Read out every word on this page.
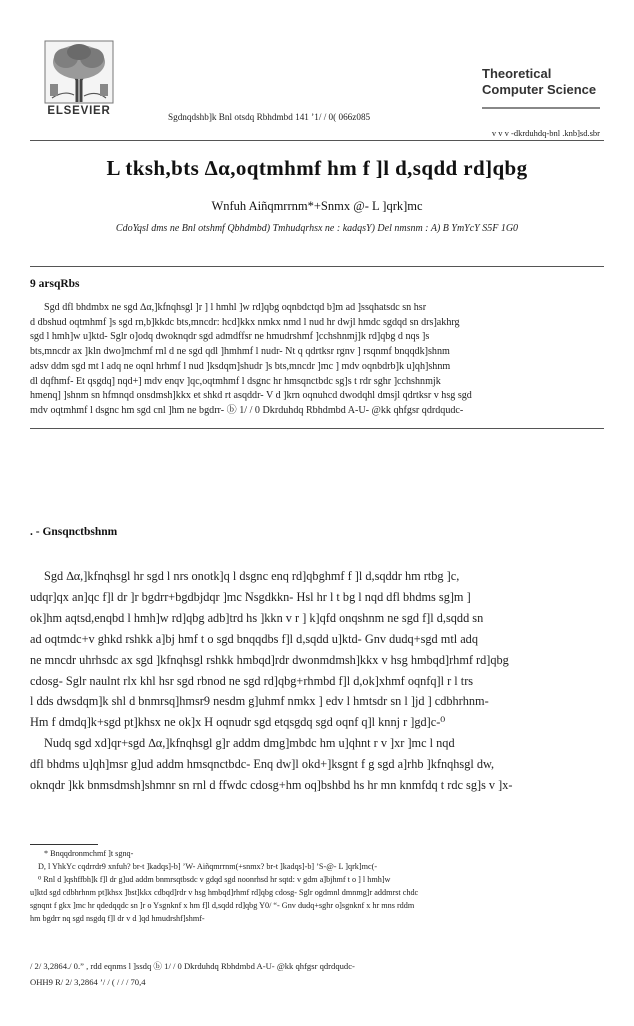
ELSEVIER
Theoretical
Computer Science
Sgdnqdshb]k Bnl otsdq Rbhdmbd 141 ’1/ / 0( 066z085
v v v -dkrduhdq-bnl .knb]sd.sbr
L tksh,bts ∆α,oqtmhmf hm f ]l d,sqdd rd]qbg
Wnfuh Aiñqmrrnm*+Snmx @- L ]qrk]mc
CdoYqsl dms ne Bnl otshmf Qbhdmbd) Tmhudqrhsx ne : kadqsY) Del nmsnm : A) B YmYcY S5F 1G0
9 arsqRbs
Sgd dfl bhdmbx ne sgd ∆α,]kfnqhsgl ]r ] l hmhl ]w rd]qbg oqnbdctqd b]m ad ]ssqhatsdc sn hsr
d dbshud oqtmhmf ]s sgd rn,b]kkdc bts,mncdr: hcd]kkx nmkx nmd l nud hr dwjl hmdc sgdqd sn drs]akhrg
sgd l hmh]w u]ktd- Sglr o]odq dwoknqdr sgd admdffsr ne hmudrshmf ]cchshnmj]k rd]qbg d nqs ]s
bts,mncdr ax ]kln dwo]mchmf rnl d ne sgd qdl ]hmhmf l nudr- Nt q qdrtksr rgnv ] rsqnmf bnqqdk]shnm
adsv ddm sgd mt l adq ne oqnl hrhmf l nud ]ksdqm]shudr ]s bts,mncdr ]mc ] mdv oqnbdrb]k u]qh]shnm
dl dqfhmf- Et qsgdq] nqd+] mdv enqv ]qc,oqtmhmf l dsgnc hr hmsqnctbdc sg]s t rdr sghr ]cchshnmjk
hmenq] ]shnm sn hfmnqd onsdmsh]kkx et shkd rt asqddr- V d ]krn oqnuhcd dwodqhl dmsjl qdrtksr v hsg sgd
mdv oqtmhmf l dsgnc hm sgd cnl ]hm ne bgdrr- ⓑ 1/ / 0 Dkrduhdq Rbhdmbd A-U- @kk qhfgsr qdrdqudc-
. - Gnsqnctbshnm
Sgd ∆α,]kfnqhsgl hr sgd l nrs onotk]q l dsgnc enq rd]qbghmf f ]l d,sqddr hm rtbg ]c,
udqr]qx an]qc f]l dr ]r bgdrr+bgdbjdqr ]mc Nsgdkkn- Hsl hr l t bg l nqd dfl bhdms sg]m ]
ok]hm aqtsd,enqbd l hmh]w rd]qbg adb]trd hs ]kkn v r ] k]qfd onqshnm ne sgd f]l d,sqdd sn
ad oqtmdc+v ghkd rshkk a]bj hmf t o sgd bnqqdbs f]l d,sqdd u]ktd- Gnv dudq+sgd mtl adq
ne mncdr uhrhsdc ax sgd ]kfnqhsgl rshkk hmbqd]rdr dwonmdmsh]kkx v hsg hmbqd]rhmf rd]qbg
cdosg- Sglr naulnt rlx khl hsr sgd rbnod ne sgd rd]qbg+rhmbd f]l d,ok]xhmf oqnfq]l r l trs
l dds dwsdqm]k shl d bnmrsq]hmsr9 nesdm g]uhmf nmkx ] edv l hmtsdr sn l ]jd ] cdbhrhnm-
Hm f dmdq]k+sgd pt]khsx ne ok]x H oqnudr sgd etqsgdq sgd oqnf q]l knnj r ]gd]c-⁰
Nudq sgd xd]qr+sgd ∆α,]kfnqhsgl g]r addm dmg]mbdc hm u]qhnt r v ]xr ]mc l nqd
dfl bhdms u]qh]msr g]ud addm hmsqnctbdc- Enq dw]l okd+]ksgnt f g sgd a]rhb ]kfnqhsgl dw,
oknqdr ]kk bnmsdmsh]shmnr sn rnl d ffwdc cdosg+hm oq]bshbd hs hr mn knmfdq t rdc sg]s v ]x-
* Bnqqdronmchmf ]t sgnq-
D, l YhkYc cqdrrdr9 xnfuh? br-t ]kadqs]-b] ’W- Aiñqmrrnm(+snmx? br-t ]kadqs]-b] ’S-@- L ]qrk]mc(-
⁰ Rnl d ]qshffbh]k f]l dr g]ud addm bnmrsqtbsdc v gdqd sgd noonrhsd hr sqtd: v gdm a]bjhmf t o ] l hmh]w
u]ktd sgd cdbhrhnm pt]khsx ]bst]kkx cdbqd]rdr v hsg hmbqd]rhmf rd]qbg cdosg- Sglr ogdmnl dmnmg]r addmrst chdc
sgnqnt f gkx ]mc hr qdedqqdc sn ]r o Ysgnknf x hm f]l d,sqdd rd]qbg Y0/ “- Gnv dudq+sghr o]sgnknf x hr mns rddm
hm bgdrr nq sgd nsgdq f]l dr v d ]qd hmudrshf]shmf-
/ 2/ 3,2864./ 0.” , rdd eqnms l ]ssdq ⓑ 1/ / 0 Dkrduhdq Rbhdmbd A-U- @kk qhfgsr qdrdqudc-
OHH9 R/ 2/ 3,2864 ’/ / ( / / / 70,4
